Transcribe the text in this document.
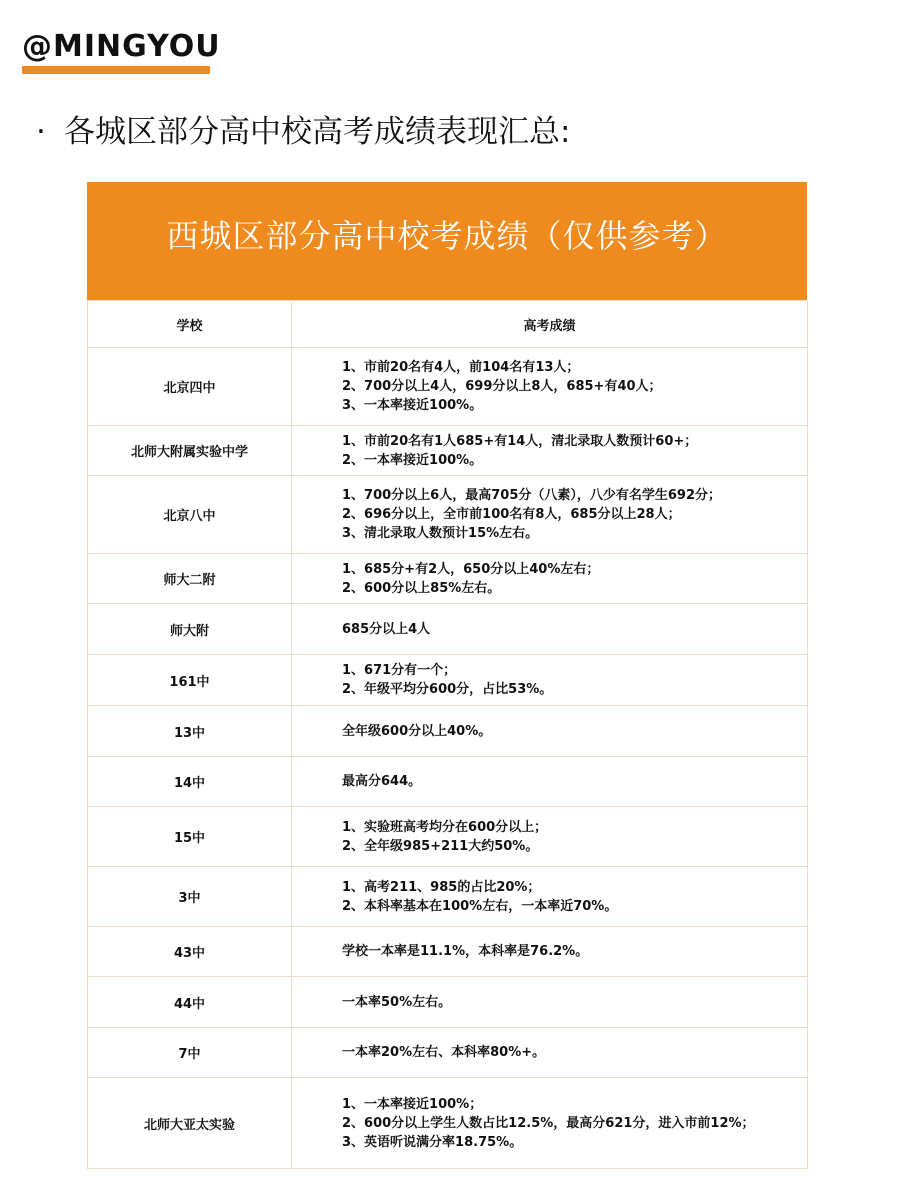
@MINGYOU
· 各城区部分高中校高考成绩表现汇总:
西城区部分高中校考成绩（仅供参考）
学校	高考成绩
北京四中	1、市前20名有4人，前104名有13人；
2、700分以上4人，699分以上8人，685+有40人；
3、一本率接近100%。

北师大附属实验中学	1、市前20名有1人685+有14人，清北录取人数预计60+；
2、一本率接近100%。

北京八中	1、700分以上6人，最高705分（八素），八少有名学生692分；
2、696分以上，全市前100名有8人，685分以上28人；
3、清北录取人数预计15%左右。

师大二附	1、685分+有2人，650分以上40%左右；
2、600分以上85%左右。

师大附	685分以上4人

161中	1、671分有一个；
2、年级平均分600分，占比53%。

13中	全年级600分以上40%。

14中	最高分644。

15中	1、实验班高考均分在600分以上；
2、全年级985+211大约50%。

3中	1、高考211、985的占比20%；
2、本科率基本在100%左右，一本率近70%。

43中	学校一本率是11.1%，本科率是76.2%。

44中	一本率50%左右。

7中	一本率20%左右、本科率80%+。

北师大亚太实验	1、一本率接近100%；
2、600分以上学生人数占比12.5%，最高分621分，进入市前12%；
3、英语听说满分率18.75%。
